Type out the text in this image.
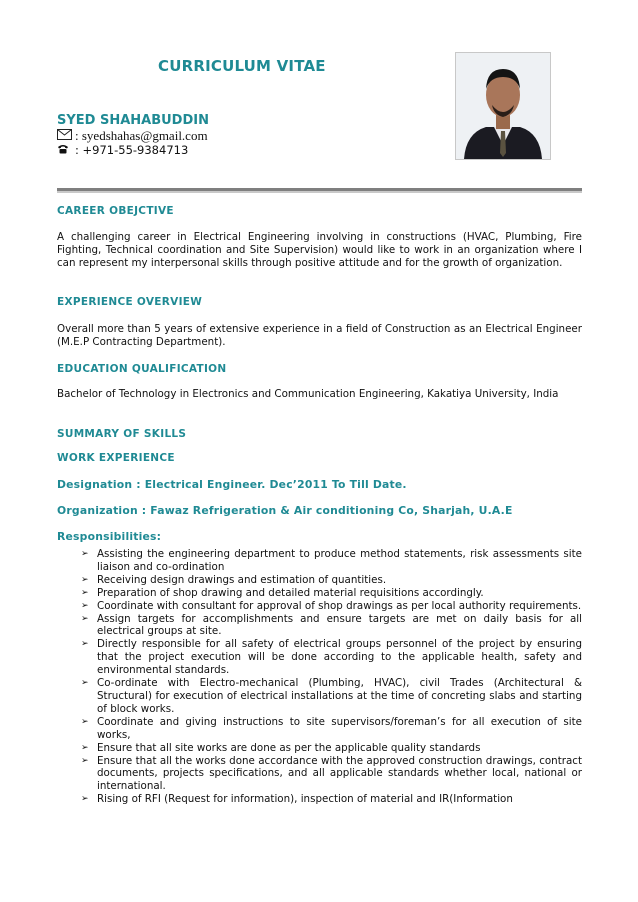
CURRICULUM VITAE
SYED SHAHABUDDIN
: syedshahas@gmail.com
: +971-55-9384713
CAREER OBEJCTIVE
A challenging career in Electrical Engineering involving in constructions (HVAC, Plumbing, Fire Fighting, Technical coordination and Site Supervision) would like to work in an organization where I can represent my interpersonal skills through positive attitude and for the growth of organization.
EXPERIENCE OVERVIEW
Overall more than 5 years of extensive experience in a field of Construction as an Electrical Engineer (M.E.P Contracting Department).
EDUCATION QUALIFICATION
Bachelor of Technology in Electronics and Communication Engineering, Kakatiya University, India
SUMMARY OF SKILLS
WORK EXPERIENCE
Designation : Electrical Engineer. Dec’2011 To Till Date.
Organization : Fawaz Refrigeration & Air conditioning Co, Sharjah, U.A.E
Responsibilities:
➢ Assisting the engineering department to produce method statements, risk assessments site liaison and co-ordination
➢ Receiving design drawings and estimation of quantities.
➢ Preparation of shop drawing and detailed material requisitions accordingly.
➢ Coordinate with consultant for approval of shop drawings as per local authority requirements.
➢ Assign targets for accomplishments and ensure targets are met on daily basis for all electrical groups at site.
➢ Directly responsible for all safety of electrical groups personnel of the project by ensuring that the project execution will be done according to the applicable health, safety and environmental standards.
➢ Co-ordinate with Electro-mechanical (Plumbing, HVAC), civil Trades (Architectural & Structural) for execution of electrical installations at the time of concreting slabs and starting of block works.
➢ Coordinate and giving instructions to site supervisors/foreman’s for all execution of site works,
➢ Ensure that all site works are done as per the applicable quality standards
➢ Ensure that all the works done accordance with the approved construction drawings, contract documents, projects specifications, and all applicable standards whether local, national or international.
➢ Rising of RFI (Request for information), inspection of material and IR(Information
